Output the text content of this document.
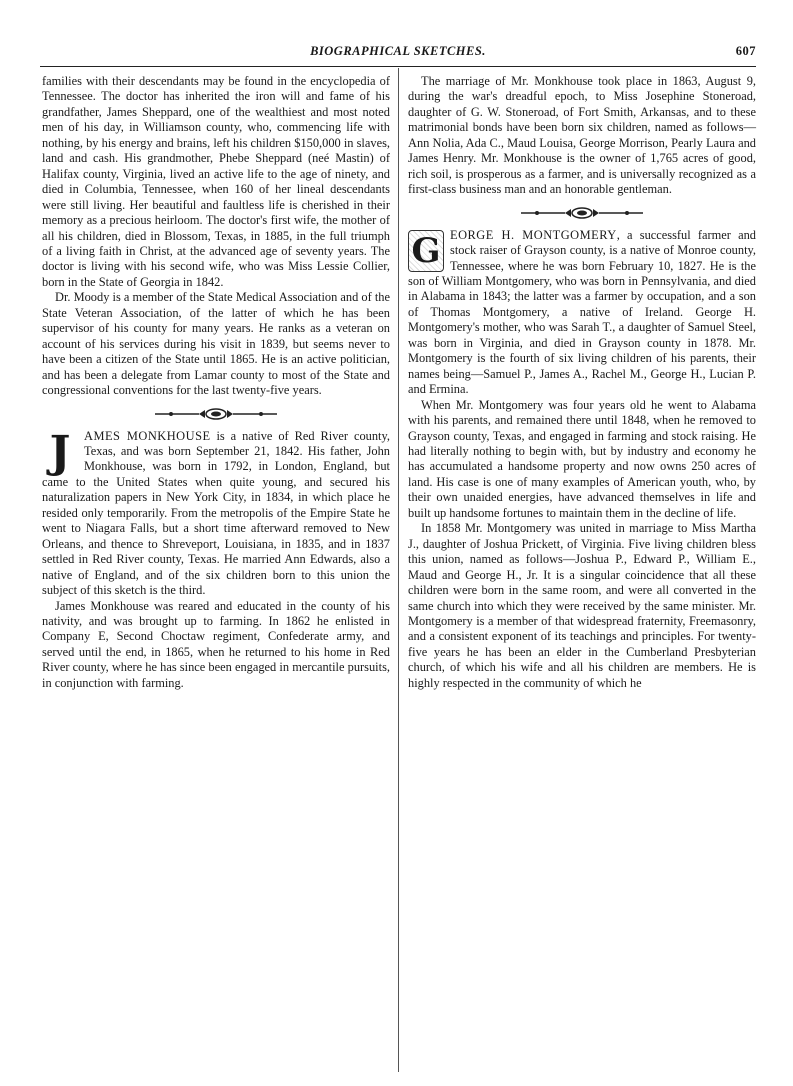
BIOGRAPHICAL SKETCHES.	607

families with their descendants may be found in the encyclopedia of Tennessee. The doctor has inherited the iron will and fame of his grandfather, James Sheppard, one of the wealthiest and most noted men of his day, in Williamson county, who, commencing life with nothing, by his energy and brains, left his children $150,000 in slaves, land and cash. His grandmother, Phebe Sheppard (neé Mastin) of Halifax county, Virginia, lived an active life to the age of ninety, and died in Columbia, Tennessee, when 160 of her lineal descendants were still living. Her beautiful and faultless life is cherished in their memory as a precious heirloom. The doctor's first wife, the mother of all his children, died in Blossom, Texas, in 1885, in the full triumph of a living faith in Christ, at the advanced age of seventy years. The doctor is living with his second wife, who was Miss Lessie Collier, born in the State of Georgia in 1842.

Dr. Moody is a member of the State Medical Association and of the State Veteran Association, of the latter of which he has been supervisor of his county for many years. He ranks as a veteran on account of his services during his visit in 1839, but seems never to have been a citizen of the State until 1865. He is an active politician, and has been a delegate from Lamar county to most of the State and congressional conventions for the last twenty-five years.

J	AMES MONKHOUSE is a native of Red River county, Texas, and was born September 21, 1842. His father, John Monkhouse, was born in 1792, in London, England, but came to the United States when quite young, and secured his naturalization papers in New York City, in 1834, in which place he resided only temporarily. From the metropolis of the Empire State he went to Niagara Falls, but a short time afterward removed to New Orleans, and thence to Shreveport, Louisiana, in 1835, and in 1837 settled in Red River county, Texas. He married Ann Edwards, also a native of England, and of the six children born to this union the subject of this sketch is the third.

James Monkhouse was reared and educated in the county of his nativity, and was brought up to farming. In 1862 he enlisted in Company E, Second Choctaw regiment, Confederate army, and served until the end, in 1865, when he returned to his home in Red River county, where he has since been engaged in mercantile pursuits, in conjunction with farming.

The marriage of Mr. Monkhouse took place in 1863, August 9, during the war's dreadful epoch, to Miss Josephine Stoneroad, daughter of G. W. Stoneroad, of Fort Smith, Arkansas, and to these matrimonial bonds have been born six children, named as follows—Ann Nolia, Ada C., Maud Louisa, George Morrison, Pearly Laura and James Henry. Mr. Monkhouse is the owner of 1,765 acres of good, rich soil, is prosperous as a farmer, and is universally recognized as a first-class business man and an honorable gentleman.

G EORGE H. MONTGOMERY, a successful farmer and stock raiser of Grayson county, is a native of Monroe county, Tennessee, where he was born February 10, 1827. He is the son of William Montgomery, who was born in Pennsylvania, and died in Alabama in 1843; the latter was a farmer by occupation, and a son of Thomas Montgomery, a native of Ireland. George H. Montgomery's mother, who was Sarah T., a daughter of Samuel Steel, was born in Virginia, and died in Grayson county in 1878. Mr. Montgomery is the fourth of six living children of his parents, their names being—Samuel P., James A., Rachel M., George H., Lucian P. and Ermina.

When Mr. Montgomery was four years old he went to Alabama with his parents, and remained there until 1848, when he removed to Grayson county, Texas, and engaged in farming and stock raising. He had literally nothing to begin with, but by industry and economy he has accumulated a handsome property and now owns 250 acres of land. His case is one of many examples of American youth, who, by their own unaided energies, have advanced themselves in life and built up handsome fortunes to maintain them in the decline of life.

In 1858 Mr. Montgomery was united in marriage to Miss Martha J., daughter of Joshua Prickett, of Virginia. Five living children bless this union, named as follows—Joshua P., Edward P., William E., Maud and George H., Jr. It is a singular coincidence that all these children were born in the same room, and were all converted in the same church into which they were received by the same minister. Mr. Montgomery is a member of that widespread fraternity, Freemasonry, and a consistent exponent of its teachings and principles. For twenty-five years he has been an elder in the Cumberland Presbyterian church, of which his wife and all his children are members. He is highly respected in the community of which he
